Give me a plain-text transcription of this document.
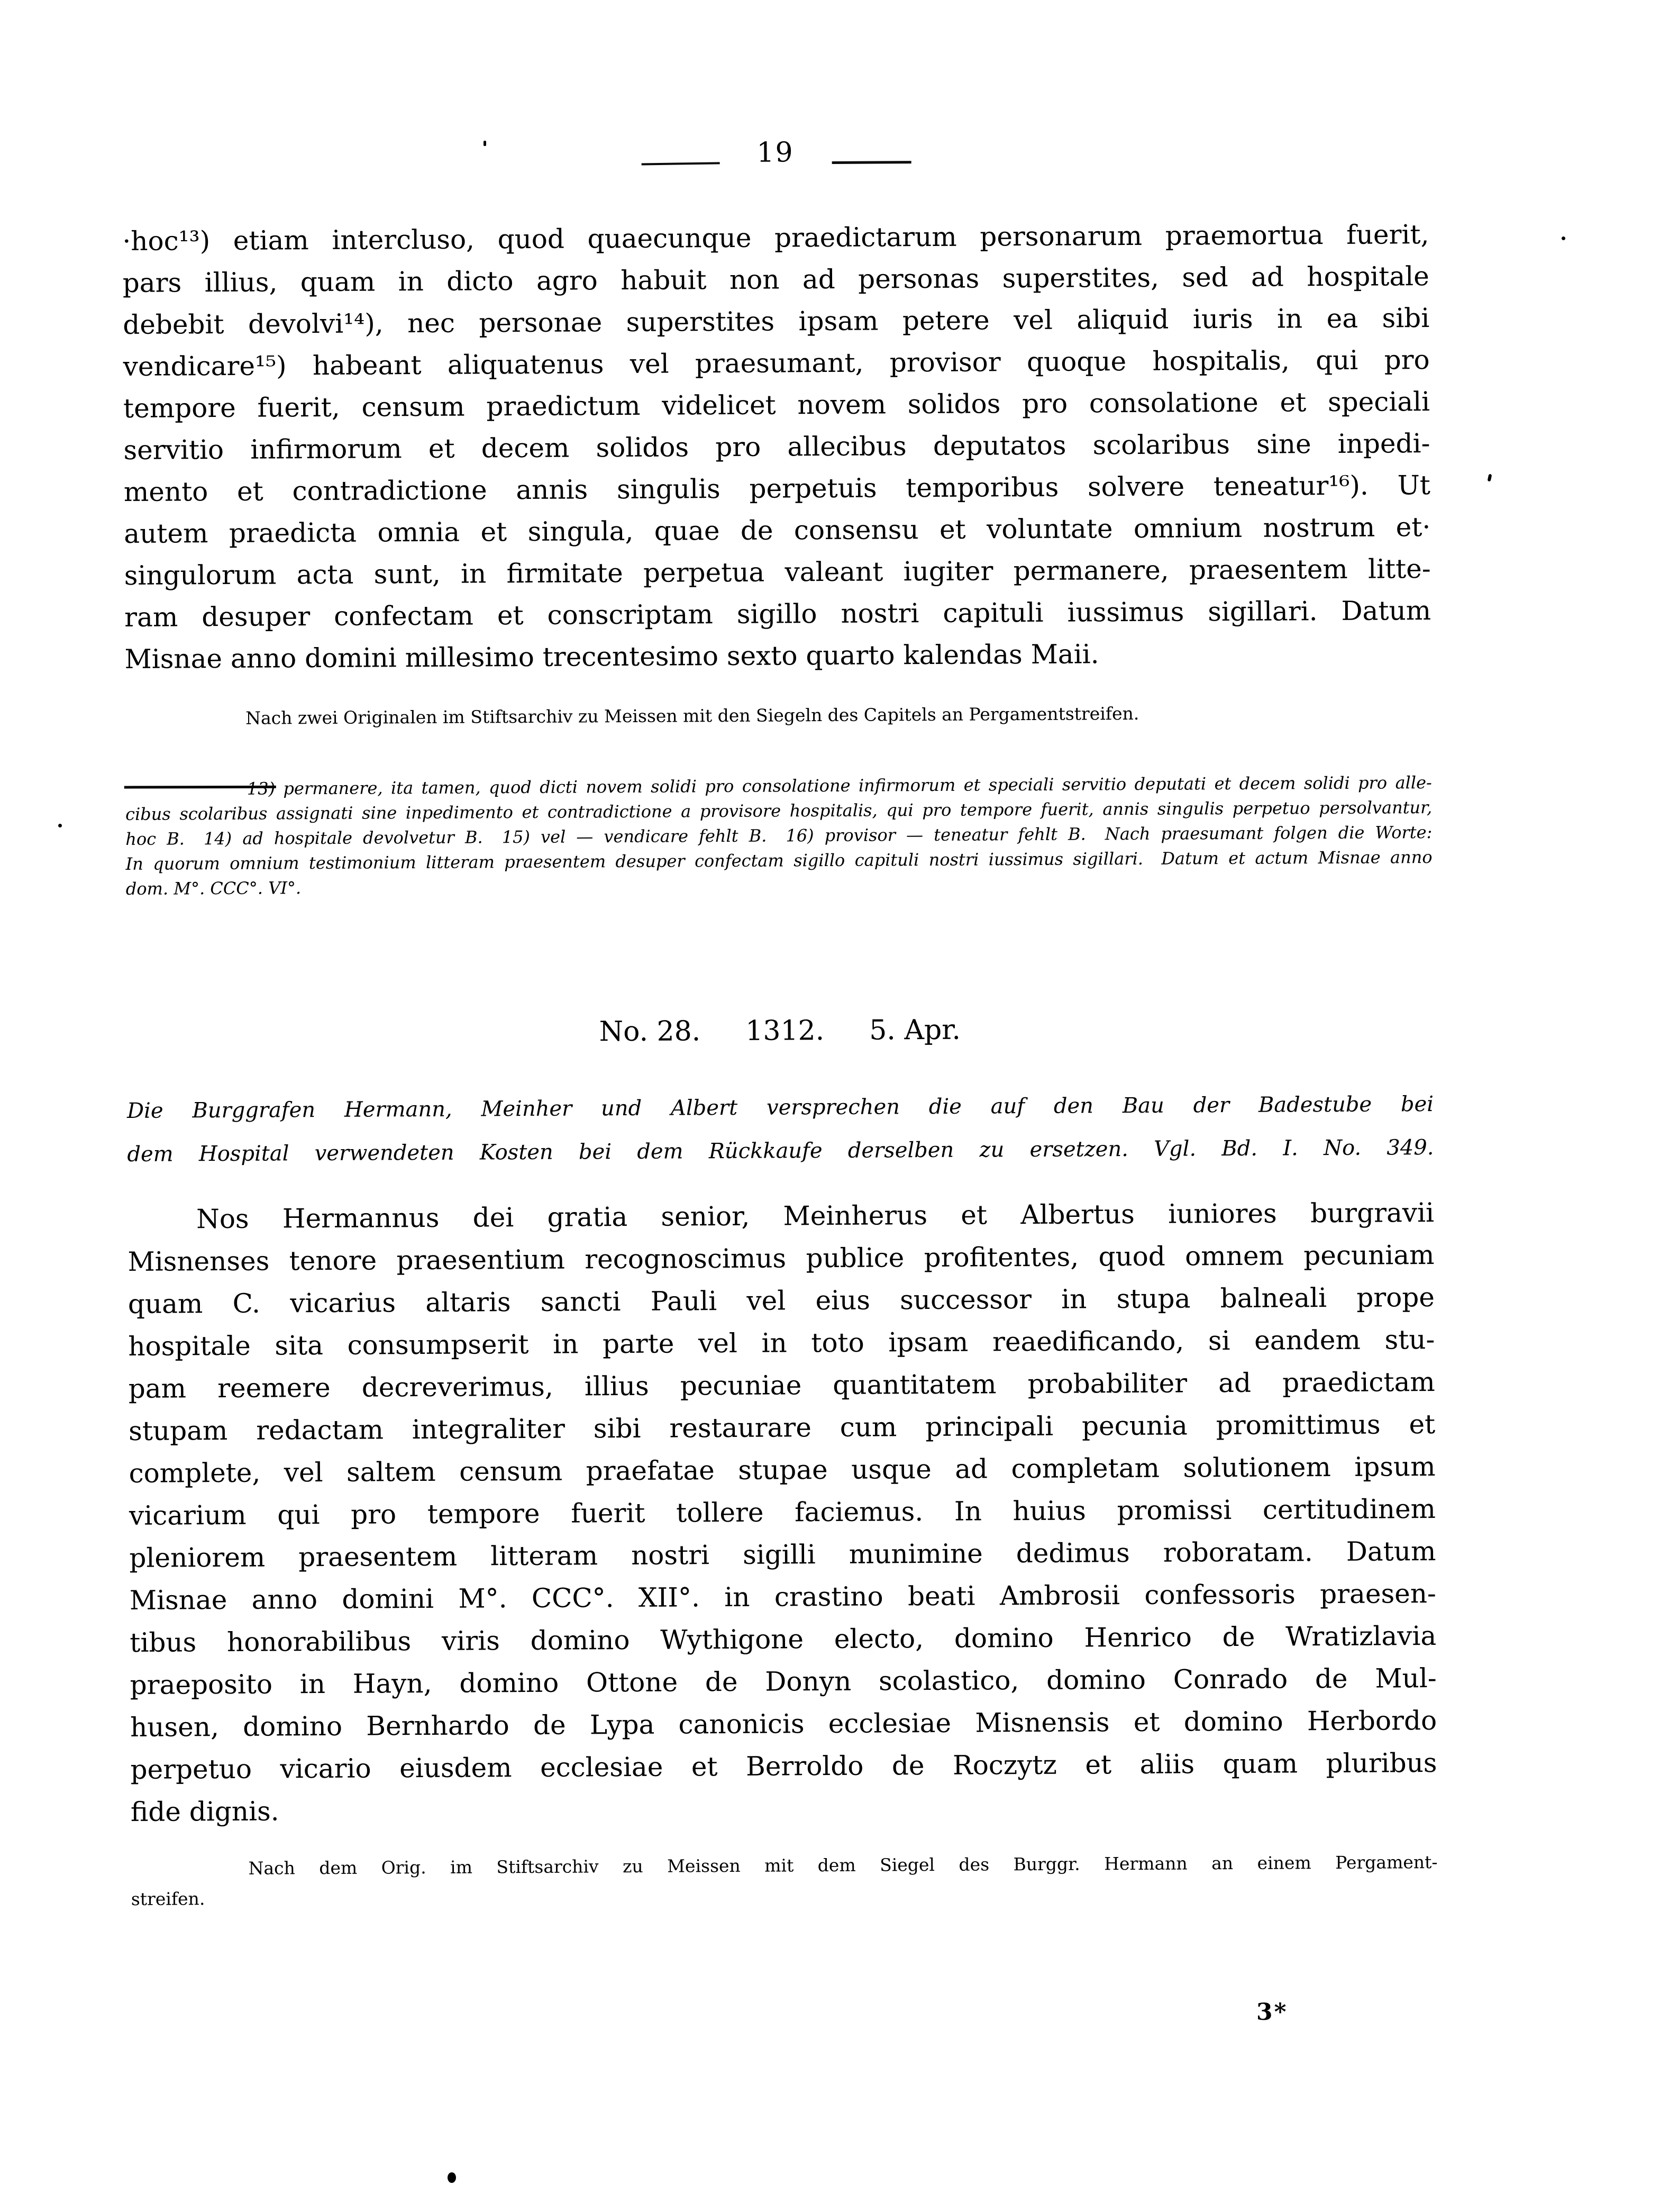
19
·hoc¹³) etiam intercluso, quod quaecunque praedictarum personarum praemortua fuerit,
pars illius, quam in dicto agro habuit non ad personas superstites, sed ad hospitale
debebit devolvi¹⁴), nec personae superstites ipsam petere vel aliquid iuris in ea sibi
vendicare¹⁵) habeant aliquatenus vel praesumant, provisor quoque hospitalis, qui pro
tempore fuerit, censum praedictum videlicet novem solidos pro consolatione et speciali
servitio infirmorum et decem solidos pro allecibus deputatos scolaribus sine inpedi-
mento et contradictione annis singulis perpetuis temporibus solvere teneatur¹⁶). Ut
autem praedicta omnia et singula, quae de consensu et voluntate omnium nostrum et·
singulorum acta sunt, in firmitate perpetua valeant iugiter permanere, praesentem litte-
ram desuper confectam et conscriptam sigillo nostri capituli iussimus sigillari. Datum
Misnae anno domini millesimo trecentesimo sexto quarto kalendas Maii.
Nach zwei Originalen im Stiftsarchiv zu Meissen mit den Siegeln des Capitels an Pergamentstreifen.
13) permanere, ita tamen, quod dicti novem solidi pro consolatione infirmorum et speciali servitio deputati et decem solidi pro alle-
cibus scolaribus assignati sine inpedimento et contradictione a provisore hospitalis, qui pro tempore fuerit, annis singulis perpetuo persolvantur,
hoc B.  14) ad hospitale devolvetur B.  15) vel — vendicare fehlt B.  16) provisor — teneatur fehlt B.  Nach praesumant folgen die Worte:
In quorum omnium testimonium litteram praesentem desuper confectam sigillo capituli nostri iussimus sigillari.  Datum et actum Misnae anno
dom. M°. CCC°. VI°.
No. 28.   1312.   5. Apr.
Die Burggrafen Hermann, Meinher und Albert versprechen die auf den Bau der Badestube bei
dem Hospital verwendeten Kosten bei dem Rückkaufe derselben zu ersetzen. Vgl. Bd. I. No. 349.
Nos Hermannus dei gratia senior, Meinherus et Albertus iuniores burgravii
Misnenses tenore praesentium recognoscimus publice profitentes, quod omnem pecuniam
quam C. vicarius altaris sancti Pauli vel eius successor in stupa balneali prope
hospitale sita consumpserit in parte vel in toto ipsam reaedificando, si eandem stu-
pam reemere decreverimus, illius pecuniae quantitatem probabiliter ad praedictam
stupam redactam integraliter sibi restaurare cum principali pecunia promittimus et
complete, vel saltem censum praefatae stupae usque ad completam solutionem ipsum
vicarium qui pro tempore fuerit tollere faciemus. In huius promissi certitudinem
pleniorem praesentem litteram nostri sigilli munimine dedimus roboratam. Datum
Misnae anno domini M°. CCC°. XII°. in crastino beati Ambrosii confessoris praesen-
tibus honorabilibus viris domino Wythigone electo, domino Henrico de Wratizlavia
praeposito in Hayn, domino Ottone de Donyn scolastico, domino Conrado de Mul-
husen, domino Bernhardo de Lypa canonicis ecclesiae Misnensis et domino Herbordo
perpetuo vicario eiusdem ecclesiae et Berroldo de Roczytz et aliis quam pluribus
fide dignis.
Nach dem Orig. im Stiftsarchiv zu Meissen mit dem Siegel des Burggr. Hermann an einem Pergament-
streifen.
3*
